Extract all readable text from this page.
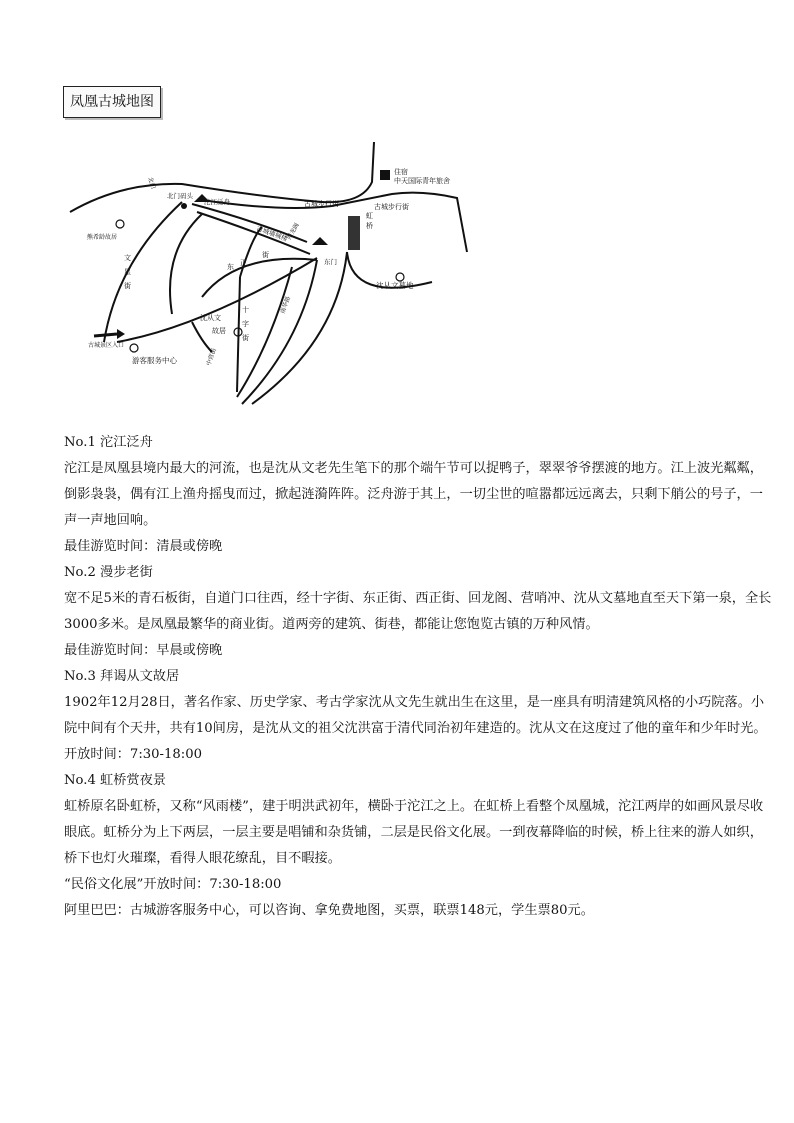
凤凰古城地图
住宿
中天国际青年旅舍
古城步行街	古城步行街
虹
桥
北门码头
沱江泛舟
古城墙城楼
东门
熊希龄故居
北门
文
星
街
东 正
街
沈从文
故居
十
字
街
南华路
沈从文墓地
古城景区入口
游客服务中心	中营街
回龙阁

No.1 沱江泛舟

沱江是凤凰县境内最大的河流，也是沈从文老先生笔下的那个端午节可以捉鸭子，翠翠爷爷摆渡的地方。江上波光粼粼，倒影袅袅，偶有江上渔舟摇曳而过，掀起涟漪阵阵。泛舟游于其上，一切尘世的喧嚣都远远离去，只剩下艄公的号子，一声一声地回响。

最佳游览时间：清晨或傍晚

No.2 漫步老街

宽不足5米的青石板街，自道门口往西，经十字街、东正街、西正街、回龙阁、营哨冲、沈从文墓地直至天下第一泉，全长3000多米。是凤凰最繁华的商业街。道两旁的建筑、街巷，都能让您饱览古镇的万种风情。

最佳游览时间：早晨或傍晚

No.3 拜谒从文故居

1902年12月28日，著名作家、历史学家、考古学家沈从文先生就出生在这里，是一座具有明清建筑风格的小巧院落。小院中间有个天井，共有10间房，是沈从文的祖父沈洪富于清代同治初年建造的。沈从文在这度过了他的童年和少年时光。

开放时间：7:30-18:00

No.4 虹桥赏夜景

虹桥原名卧虹桥，又称“风雨楼”，建于明洪武初年，横卧于沱江之上。在虹桥上看整个凤凰城，沱江两岸的如画风景尽收眼底。虹桥分为上下两层，一层主要是唱铺和杂货铺，二层是民俗文化展。一到夜幕降临的时候，桥上往来的游人如织，桥下也灯火璀璨，看得人眼花缭乱，目不暇接。

“民俗文化展”开放时间：7:30-18:00

阿里巴巴：古城游客服务中心，可以咨询、拿免费地图，买票，联票148元，学生票80元。
